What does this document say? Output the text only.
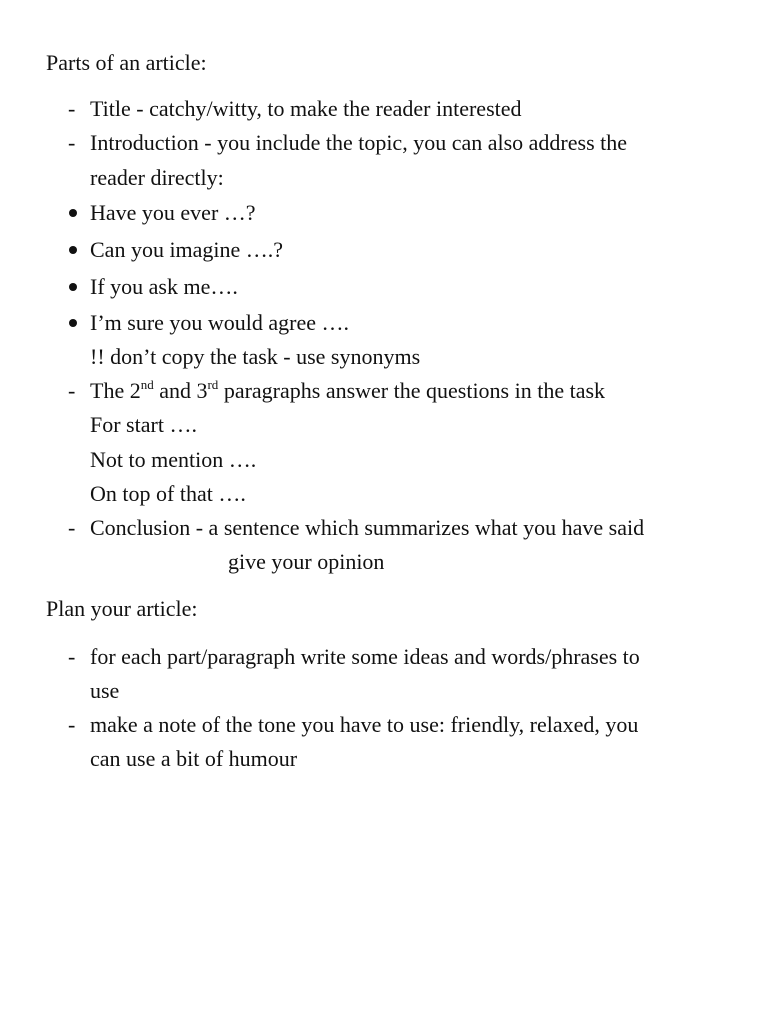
Parts of an article:
- Title - catchy/witty, to make the reader interested
- Introduction - you include the topic, you can also address the
reader directly:
Have you ever …?
Can you imagine ….?
If you ask me….
I’m sure you would agree ….
!! don’t copy the task - use synonyms
- The 2nd and 3rd paragraphs answer the questions in the task
For start ….
Not to mention ….
On top of that ….
- Conclusion - a sentence which summarizes what you have said
give your opinion
Plan your article:
- for each part/paragraph write some ideas and words/phrases to
use
- make a note of the tone you have to use: friendly, relaxed, you
can use a bit of humour
